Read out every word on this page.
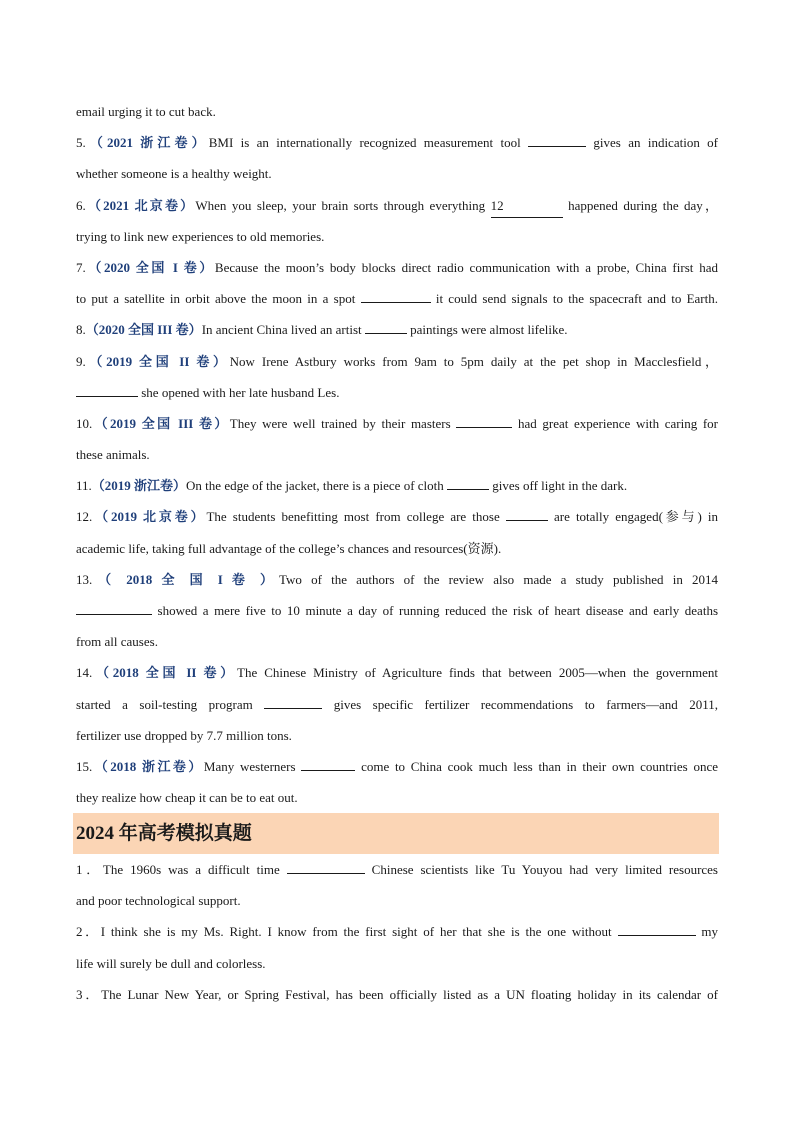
email urging it to cut back.
5.（2021 浙江卷）BMI is an internationally recognized measurement tool	gives an indication of
whether someone is a healthy weight.
6.（2021 北京卷）When you sleep, your brain sorts through everything 12	happened during the day，
trying to link new experiences to old memories.
7.（2020 全国 I 卷）Because the moon’s body blocks direct radio communication with a probe, China first had
to put a satellite in orbit above the moon in a spot	it could send signals to the spacecraft and to Earth.
8.（2020 全国 III 卷）In ancient China lived an artist	paintings were almost lifelike.
9.（2019 全国 II 卷）Now Irene Astbury works from 9am to 5pm daily at the pet shop in Macclesfield，
she opened with her late husband Les.
10.（2019 全国 III 卷）They were well trained by their masters	had great experience with caring for
these animals.
11.（2019 浙江卷）On the edge of the jacket, there is a piece of cloth	gives off light in the dark.
12.（2019 北京卷）The students benefitting most from college are those	are totally engaged(参与) in
academic life, taking full advantage of the college’s chances and resources(资源).
13.（ 2018 全 国 I 卷 ）Two of the authors of the review also made a study published in 2014
showed a mere five to 10 minute a day of running reduced the risk of heart disease and early deaths
from all causes.
14.（2018 全国 II 卷）The Chinese Ministry of Agriculture finds that between 2005—when the government
started a soil-testing program	gives specific fertilizer recommendations to farmers—and 2011,
fertilizer use dropped by 7.7 million tons.
15.（2018 浙江卷）Many westerners	come to China cook much less than in their own countries once
they realize how cheap it can be to eat out.
2024 年高考模拟真题
1．The 1960s was a difficult time	Chinese scientists like Tu Youyou had very limited resources
and poor technological support.
2．I think she is my Ms. Right. I know from the first sight of her that she is the one without	my
life will surely be dull and colorless.
3．The Lunar New Year, or Spring Festival, has been officially listed as a UN floating holiday in its calendar of
